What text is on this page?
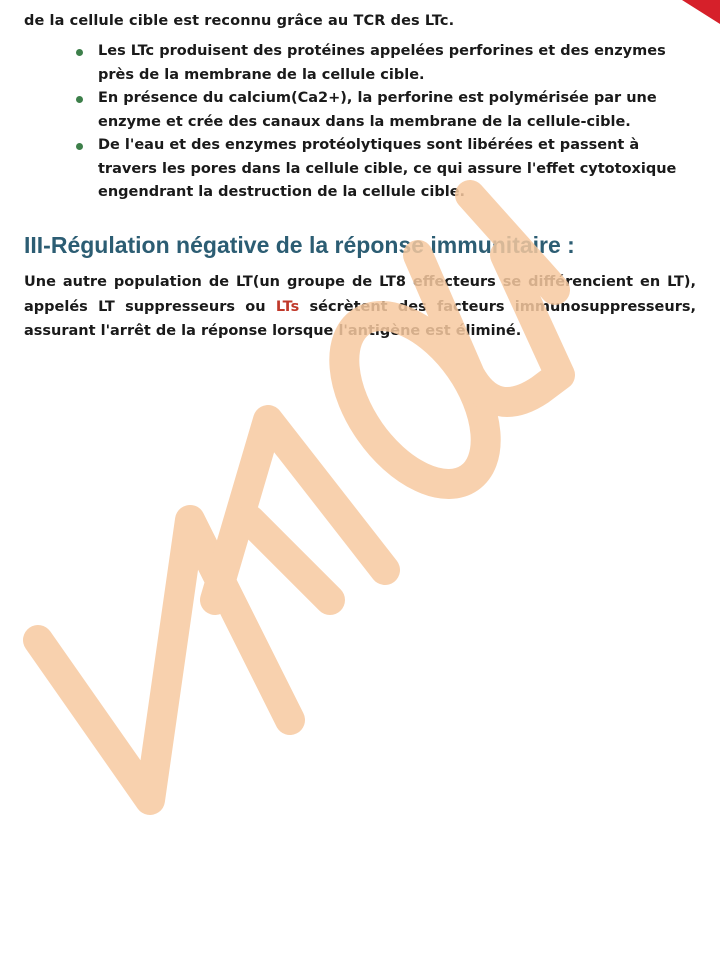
de la cellule cible est reconnu grâce au TCR des LTc.
Les LTc produisent des protéines appelées perforines et des enzymes près de la membrane de la cellule cible.
En présence du calcium(Ca2+), la perforine est polymérisée par une enzyme et crée des canaux dans la membrane de la cellule-cible.
De l'eau et des enzymes protéolytiques sont libérées et passent à travers les pores dans la cellule cible, ce qui assure l'effet cytotoxique engendrant la destruction de la cellule cible.
III-Régulation négative de la réponse immunitaire :

Une autre population de LT(un groupe de LT8 effecteurs se différencient en LT), appelés LT suppresseurs ou LTs sécrètent des facteurs immunosuppresseurs, assurant l'arrêt de la réponse lorsque l'antigène est éliminé.
